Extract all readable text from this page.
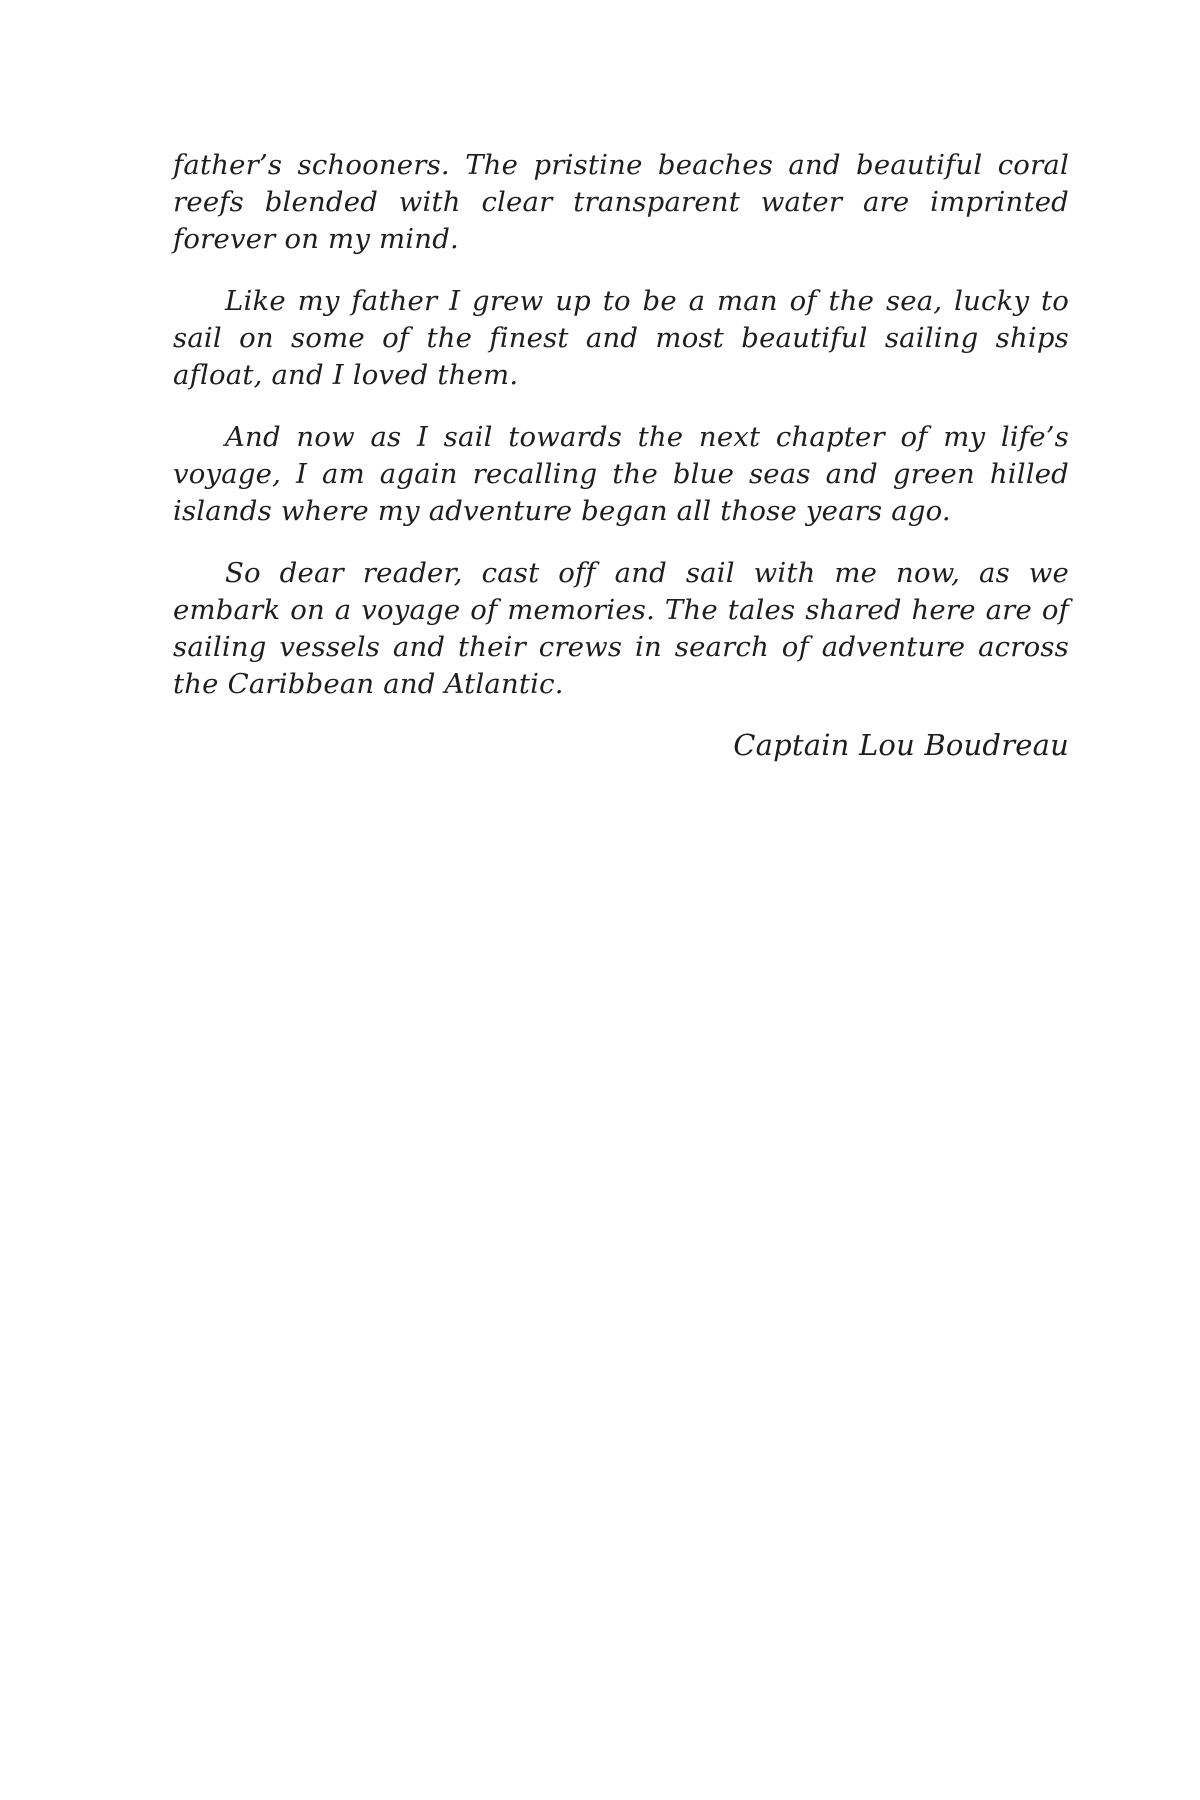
father’s schooners. The pristine beaches and beautiful coral reefs blended with clear transparent water are imprinted forever on my mind.

Like my father I grew up to be a man of the sea, lucky to sail on some of the finest and most beautiful sailing ships afloat, and I loved them.

And now as I sail towards the next chapter of my life’s voyage, I am again recalling the blue seas and green hilled islands where my adventure began all those years ago.

So dear reader, cast off and sail with me now, as we embark on a voyage of memories. The tales shared here are of sailing vessels and their crews in search of adventure across the Caribbean and Atlantic.

Captain Lou Boudreau
